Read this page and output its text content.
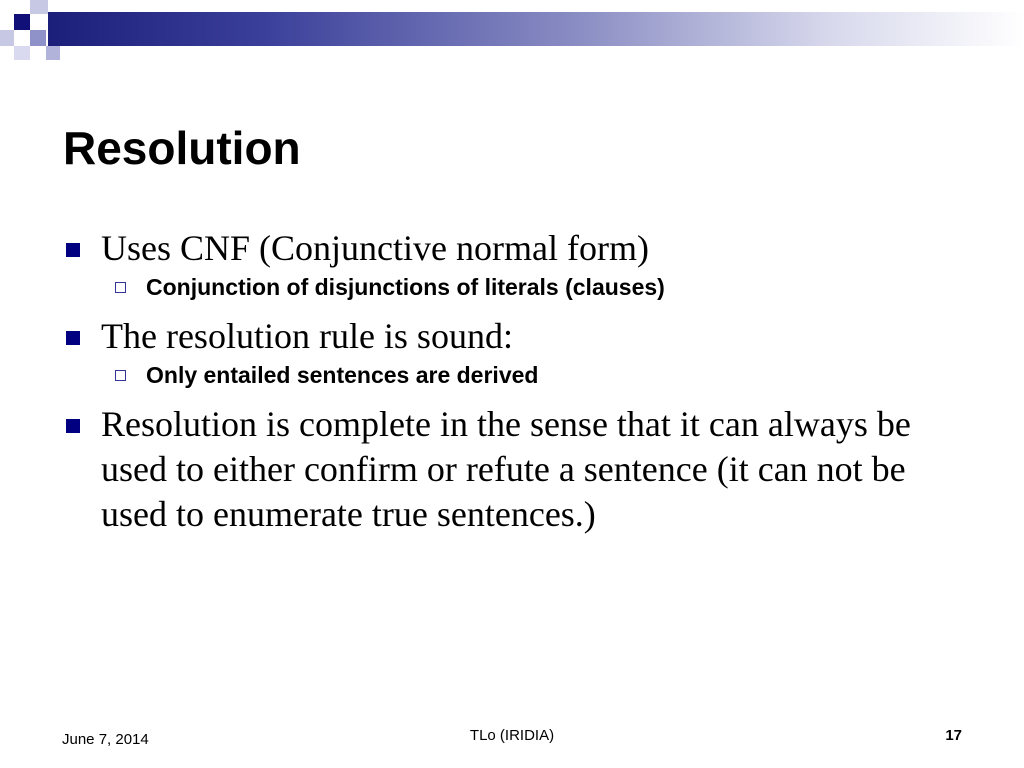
Resolution
Uses CNF (Conjunctive normal form)
Conjunction of disjunctions of literals (clauses)
The resolution rule is sound:
Only entailed sentences are derived
Resolution is complete in the sense that it can always be used to either confirm or refute a sentence (it can not be used to enumerate true sentences.)
June 7, 2014	TLo (IRIDIA)	17
